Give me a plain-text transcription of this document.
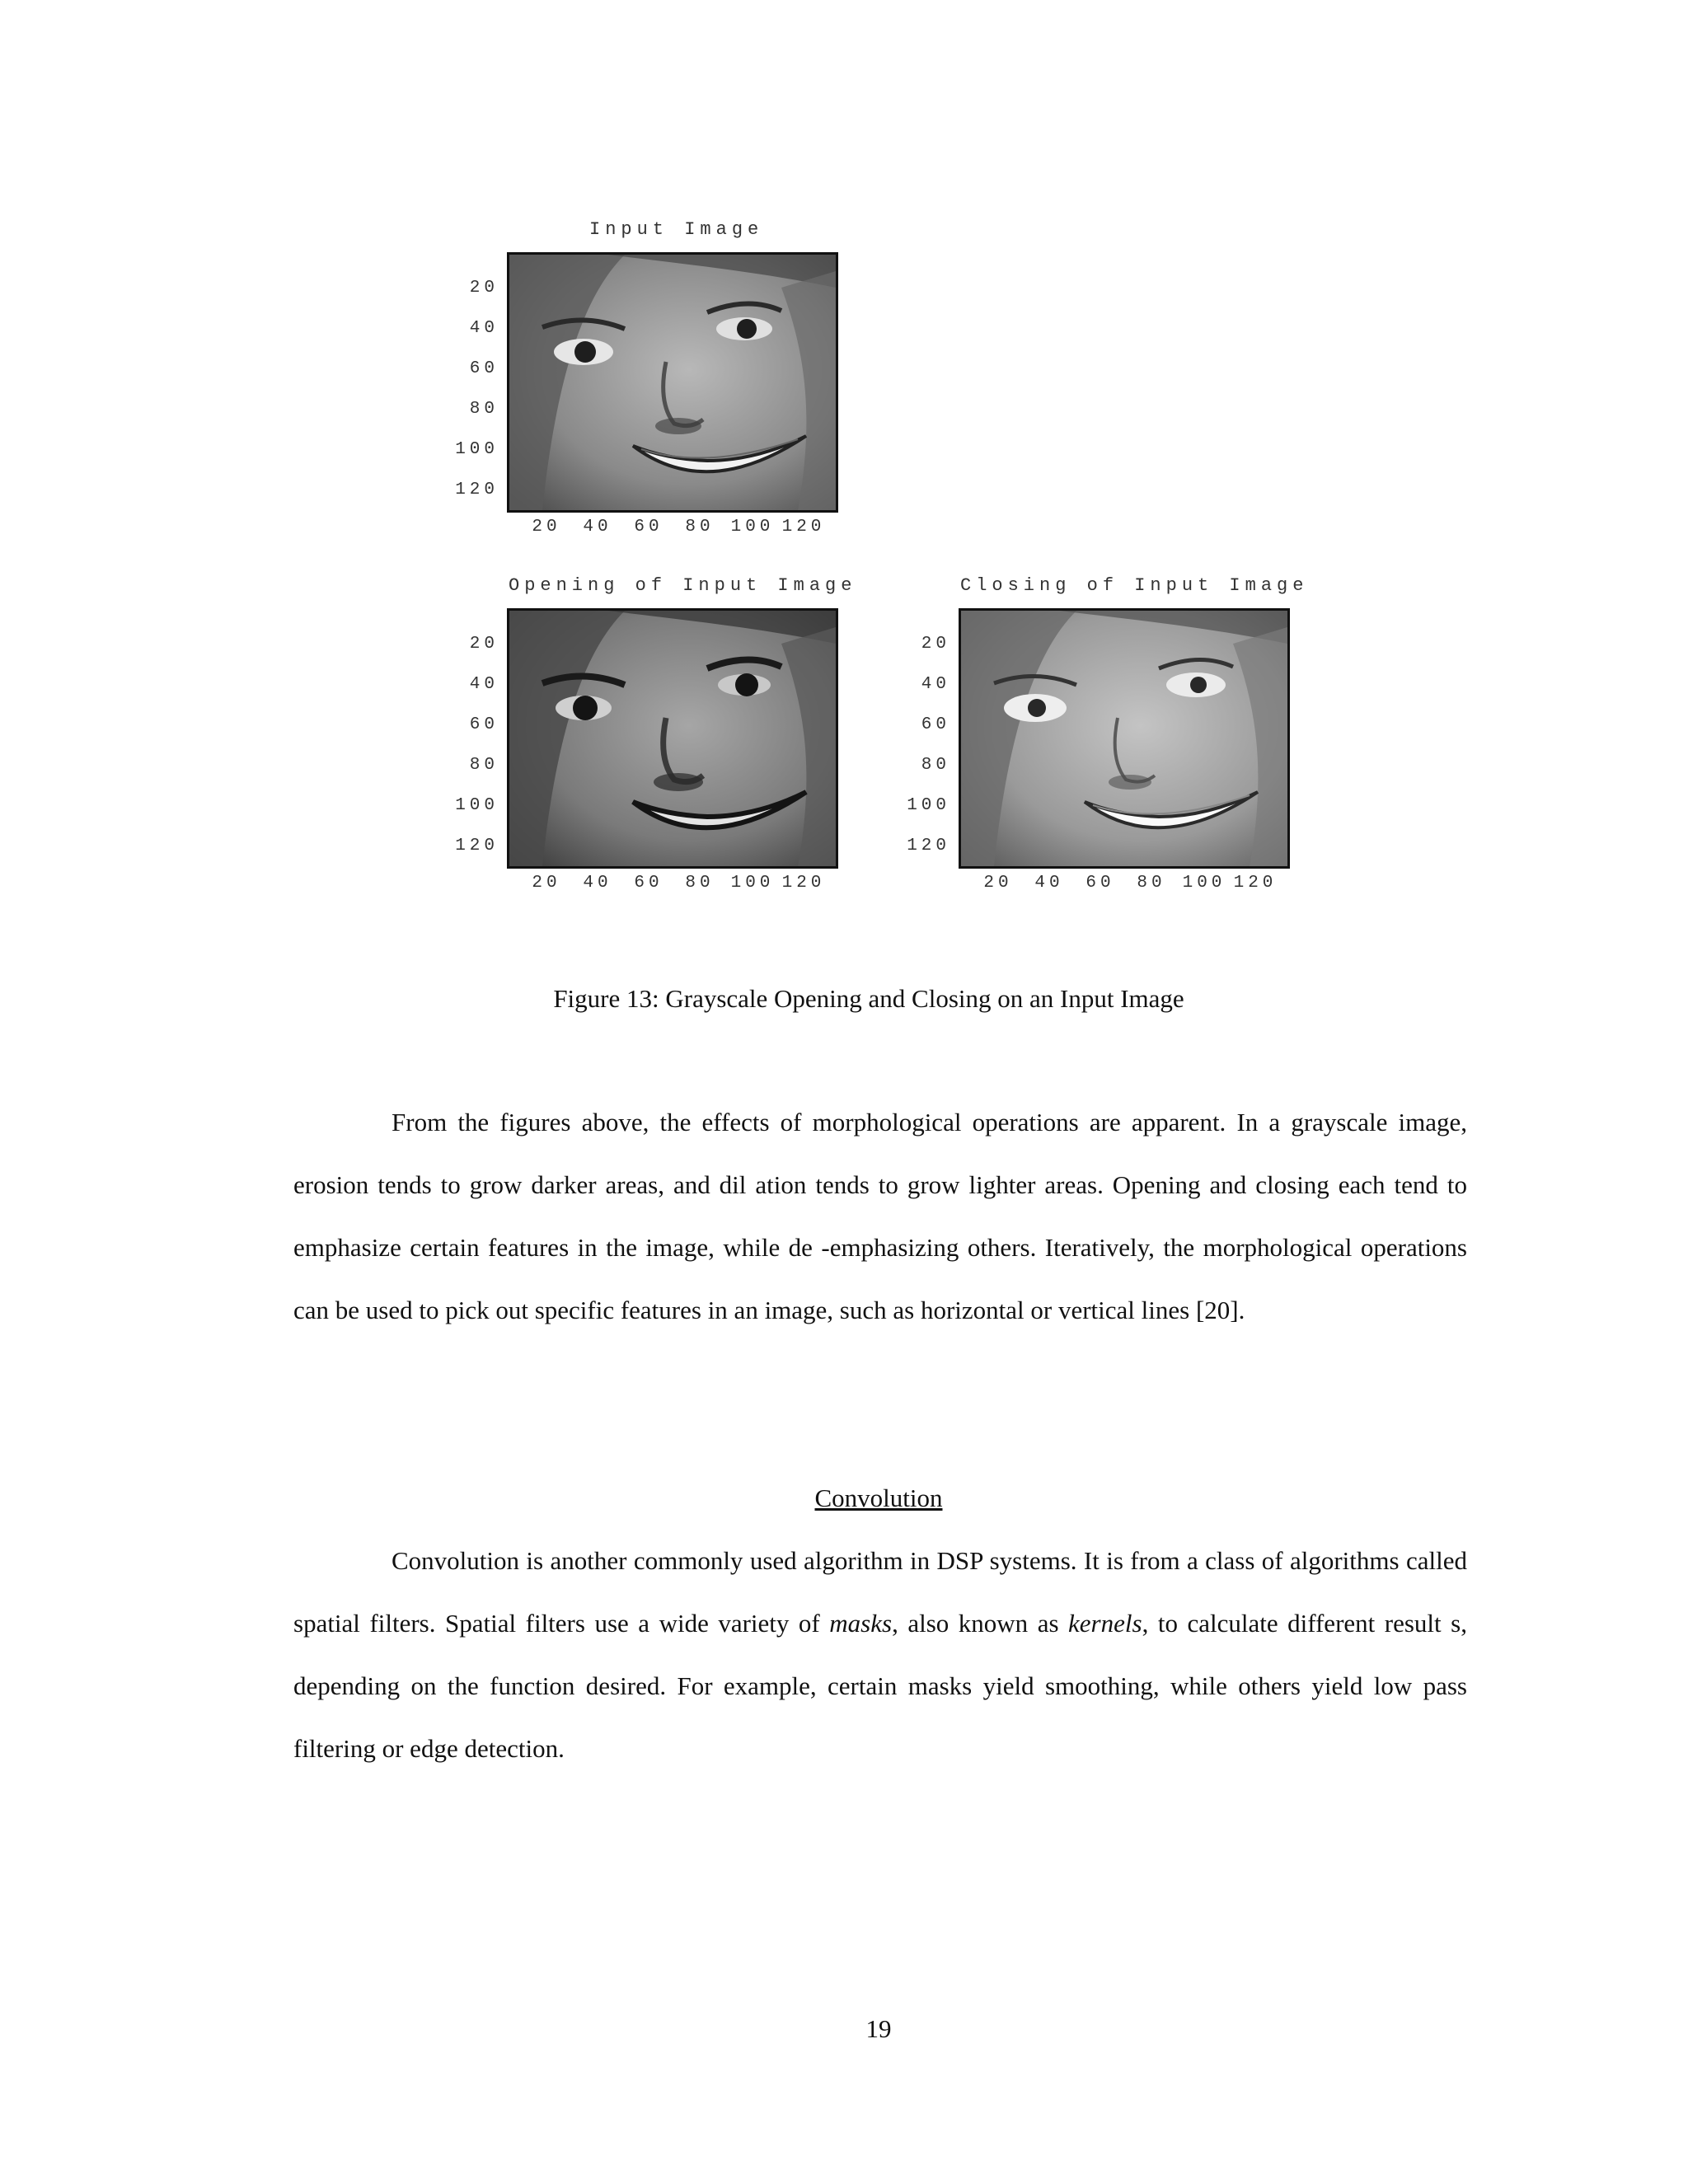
Input Image
20
40
60
80
100
120
20	40	60	80 100 120
Opening of Input Image
20
40
60
80
100
120
20	40	60	80 100 120
Closing of Input Image
20
40
60
80
100
120
20	40	60	80 100 120
Figure 13: Grayscale Opening and Closing on an Input Image

From the figures above, the effects of morphological operations are apparent. In a grayscale image, erosion tends to grow darker areas, and dil ation tends to grow lighter areas. Opening and closing each tend to emphasize certain features in the image, while de -emphasizing others. Iteratively, the morphological operations can be used to pick out specific features in an image, such as horizontal or vertical lines [20].

Convolution

Convolution is another commonly used algorithm in DSP systems. It is from a class of algorithms called spatial filters. Spatial filters use a wide variety of masks, also known as kernels, to calculate different result s, depending on the function desired. For example, certain masks yield smoothing, while others yield low pass filtering or edge detection.

19
